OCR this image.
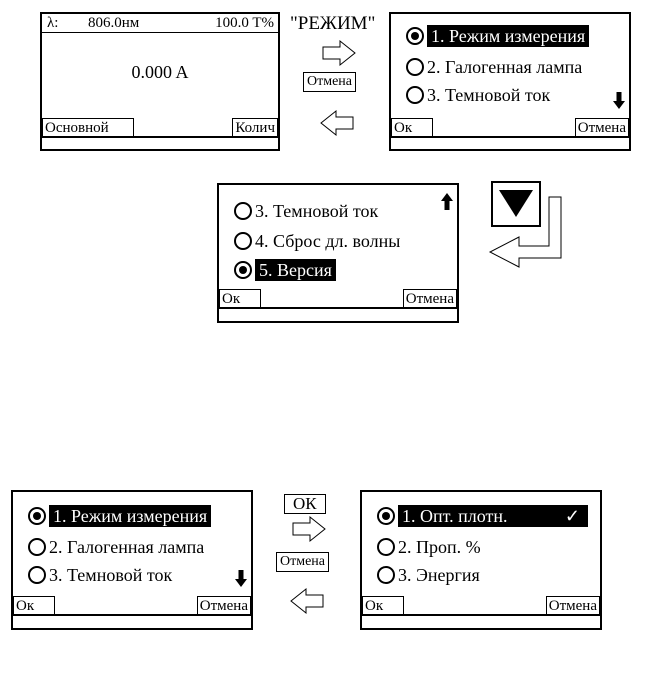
λ: 806.0нм	100.0 T%
0.000 A
Основной	Колич
"РЕЖИМ"
Отмена
1. Режим измерения
2. Галогенная лампа
3. Темновой ток
Ок	Отмена
3. Темновой ток
4. Сброс дл. волны
5. Версия
Ок	Отмена
1. Режим измерения
2. Галогенная лампа
3. Темновой ток
Ок	Отмена
ОК
Отмена
1. Опт. плотн.	✓
2. Проп. %
3. Энергия
Ок	Отмена
